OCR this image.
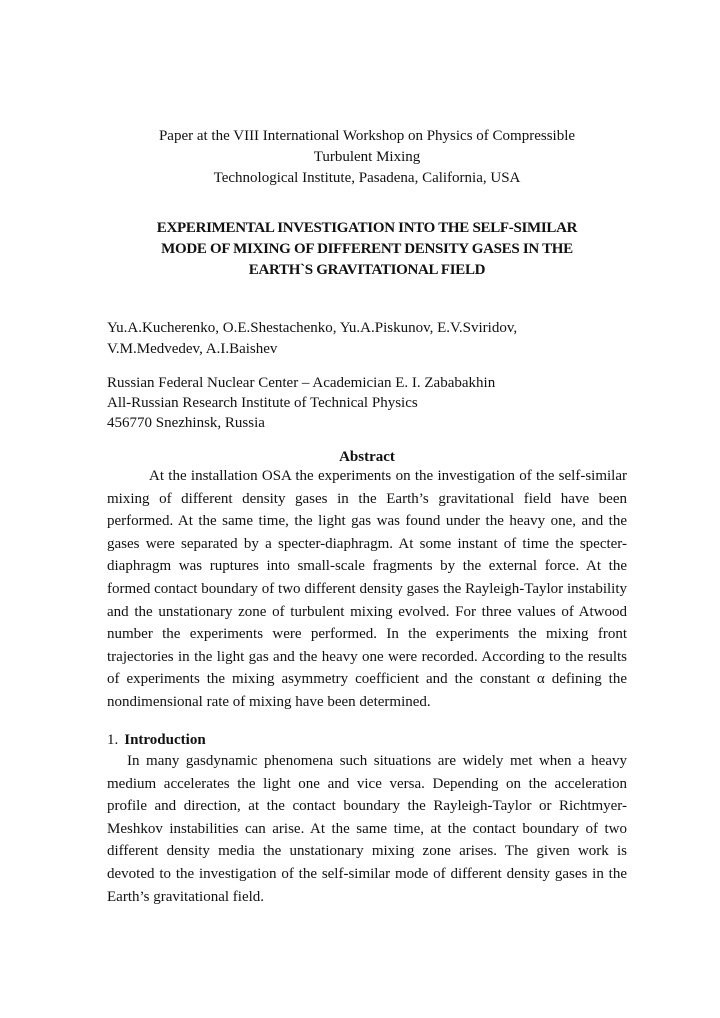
Paper at the VIII International Workshop on Physics of Compressible
Turbulent Mixing
Technological Institute, Pasadena, California, USA
EXPERIMENTAL INVESTIGATION INTO THE SELF-SIMILAR
MODE OF MIXING OF DIFFERENT DENSITY GASES IN THE
EARTH`S GRAVITATIONAL FIELD
Yu.A.Kucherenko, O.E.Shestachenko, Yu.A.Piskunov, E.V.Sviridov,
V.M.Medvedev, A.I.Baishev
Russian Federal Nuclear Center – Academician E. I. Zababakhin
All-Russian Research Institute of Technical Physics
456770 Snezhinsk, Russia
Abstract
At the installation OSA the experiments on the investigation of the self-similar mixing of different density gases in the Earth’s gravitational field have been performed. At the same time, the light gas was found under the heavy one, and the gases were separated by a specter-diaphragm. At some instant of time the specter-diaphragm was ruptures into small-scale fragments by the external force. At the formed contact boundary of two different density gases the Rayleigh-Taylor instability and the unstationary zone of turbulent mixing evolved. For three values of Atwood number the experiments were performed. In the experiments the mixing front trajectories in the light gas and the heavy one were recorded. According to the results of experiments the mixing asymmetry coefficient and the constant α defining the nondimensional rate of mixing have been determined.
1. Introduction
In many gasdynamic phenomena such situations are widely met when a heavy medium accelerates the light one and vice versa. Depending on the acceleration profile and direction, at the contact boundary the Rayleigh-Taylor or Richtmyer-Meshkov instabilities can arise. At the same time, at the contact boundary of two different density media the unstationary mixing zone arises. The given work is devoted to the investigation of the self-similar mode of different density gases in the Earth’s gravitational field.
